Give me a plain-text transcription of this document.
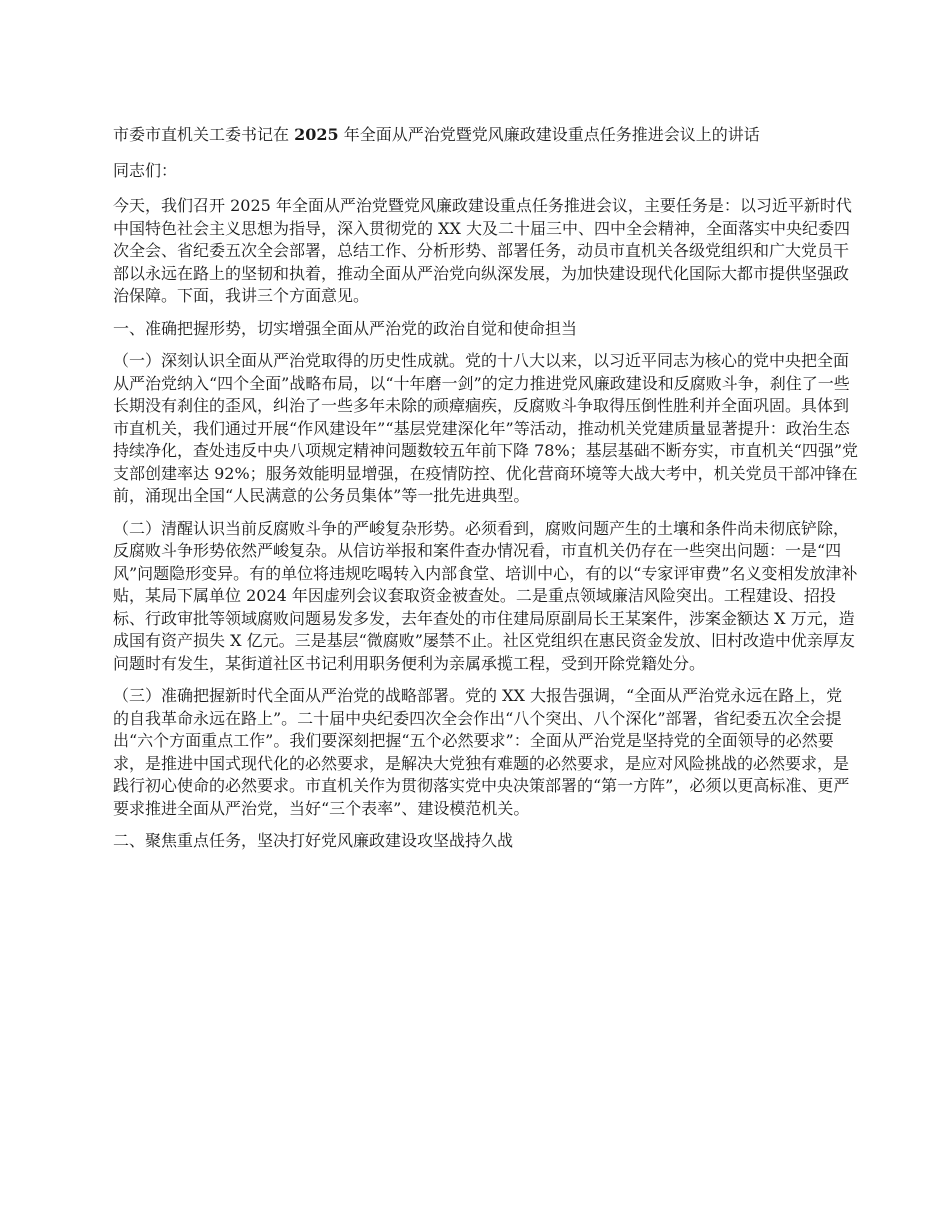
市委市直机关工委书记在 2025 年全面从严治党暨党风廉政建设重点任务推进会议上的讲话

同志们：

今天，我们召开 2025 年全面从严治党暨党风廉政建设重点任务推进会议，主要任务是：以习近平新时代中国特色社会主义思想为指导，深入贯彻党的 XX 大及二十届三中、四中全会精神，全面落实中央纪委四次全会、省纪委五次全会部署，总结工作、分析形势、部署任务，动员市直机关各级党组织和广大党员干部以永远在路上的坚韧和执着，推动全面从严治党向纵深发展，为加快建设现代化国际大都市提供坚强政治保障。下面，我讲三个方面意见。

一、准确把握形势，切实增强全面从严治党的政治自觉和使命担当

（一）深刻认识全面从严治党取得的历史性成就。党的十八大以来，以习近平同志为核心的党中央把全面从严治党纳入“四个全面”战略布局，以“十年磨一剑”的定力推进党风廉政建设和反腐败斗争，刹住了一些长期没有刹住的歪风，纠治了一些多年未除的顽瘴痼疾，反腐败斗争取得压倒性胜利并全面巩固。具体到市直机关，我们通过开展“作风建设年”“基层党建深化年”等活动，推动机关党建质量显著提升：政治生态持续净化，查处违反中央八项规定精神问题数较五年前下降 78%；基层基础不断夯实，市直机关“四强”党支部创建率达 92%；服务效能明显增强，在疫情防控、优化营商环境等大战大考中，机关党员干部冲锋在前，涌现出全国“人民满意的公务员集体”等一批先进典型。

（二）清醒认识当前反腐败斗争的严峻复杂形势。必须看到，腐败问题产生的土壤和条件尚未彻底铲除，反腐败斗争形势依然严峻复杂。从信访举报和案件查办情况看，市直机关仍存在一些突出问题：一是“四风”问题隐形变异。有的单位将违规吃喝转入内部食堂、培训中心，有的以“专家评审费”名义变相发放津补贴，某局下属单位 2024 年因虚列会议套取资金被查处。二是重点领域廉洁风险突出。工程建设、招投标、行政审批等领域腐败问题易发多发，去年查处的市住建局原副局长王某案件，涉案金额达 X 万元，造成国有资产损失 X 亿元。三是基层“微腐败”屡禁不止。社区党组织在惠民资金发放、旧村改造中优亲厚友问题时有发生，某街道社区书记利用职务便利为亲属承揽工程，受到开除党籍处分。

（三）准确把握新时代全面从严治党的战略部署。党的 XX 大报告强调，“全面从严治党永远在路上，党的自我革命永远在路上”。二十届中央纪委四次全会作出“八个突出、八个深化”部署，省纪委五次全会提出“六个方面重点工作”。我们要深刻把握“五个必然要求”：全面从严治党是坚持党的全面领导的必然要求，是推进中国式现代化的必然要求，是解决大党独有难题的必然要求，是应对风险挑战的必然要求，是践行初心使命的必然要求。市直机关作为贯彻落实党中央决策部署的“第一方阵”，必须以更高标准、更严要求推进全面从严治党，当好“三个表率”、建设模范机关。

二、聚焦重点任务，坚决打好党风廉政建设攻坚战持久战
